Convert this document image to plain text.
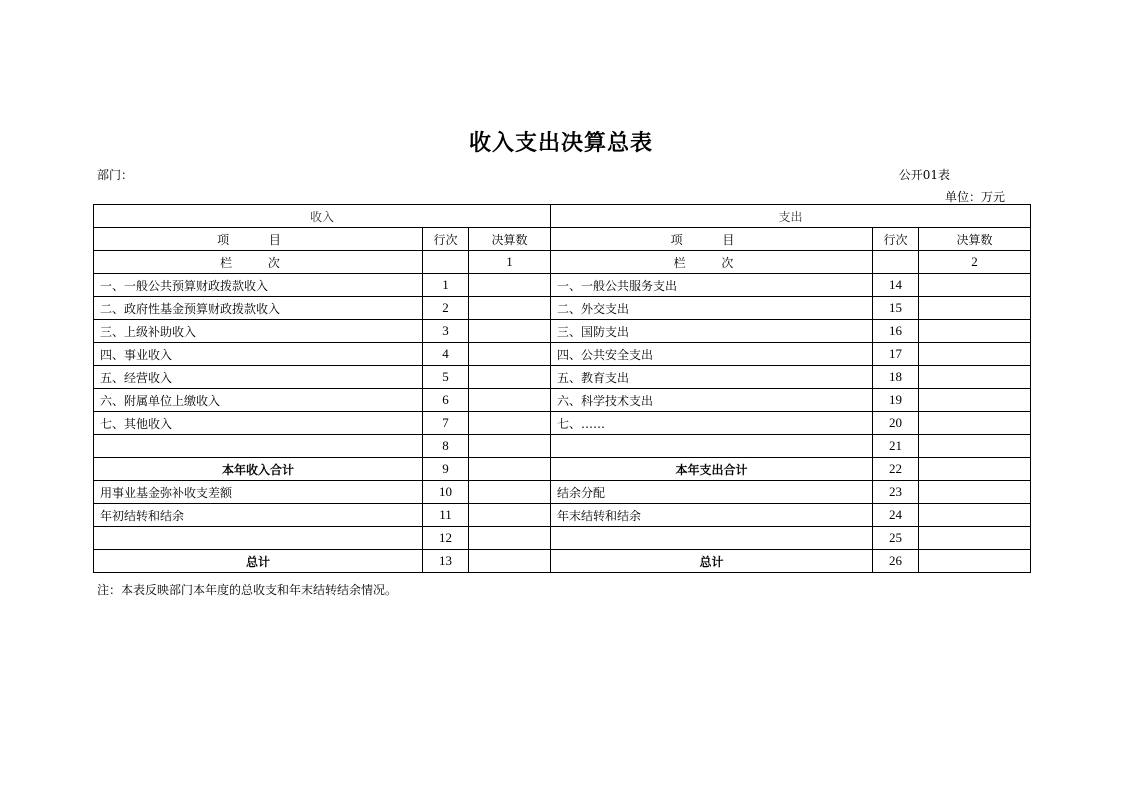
收入支出决算总表
部门：	公开01表
单位：万元
收入			支出		
项 目	行次	决算数	项 目	行次	决算数
栏 次		1	栏 次		2
一、一般公共预算财政拨款收入	1		一、一般公共服务支出	14	
二、政府性基金预算财政拨款收入	2		二、外交支出	15	
三、上级补助收入	3		三、国防支出	16	
四、事业收入	4		四、公共安全支出	17	
五、经营收入	5		五、教育支出	18	
六、附属单位上缴收入	6		六、科学技术支出	19	
七、其他收入	7		七、……	20	
	8			21	
本年收入合计	9		本年支出合计	22	
用事业基金弥补收支差额	10		结余分配	23	
年初结转和结余	11		年末结转和结余	24	
	12			25	
总计	13		总计	26	
注：本表反映部门本年度的总收支和年末结转结余情况。
